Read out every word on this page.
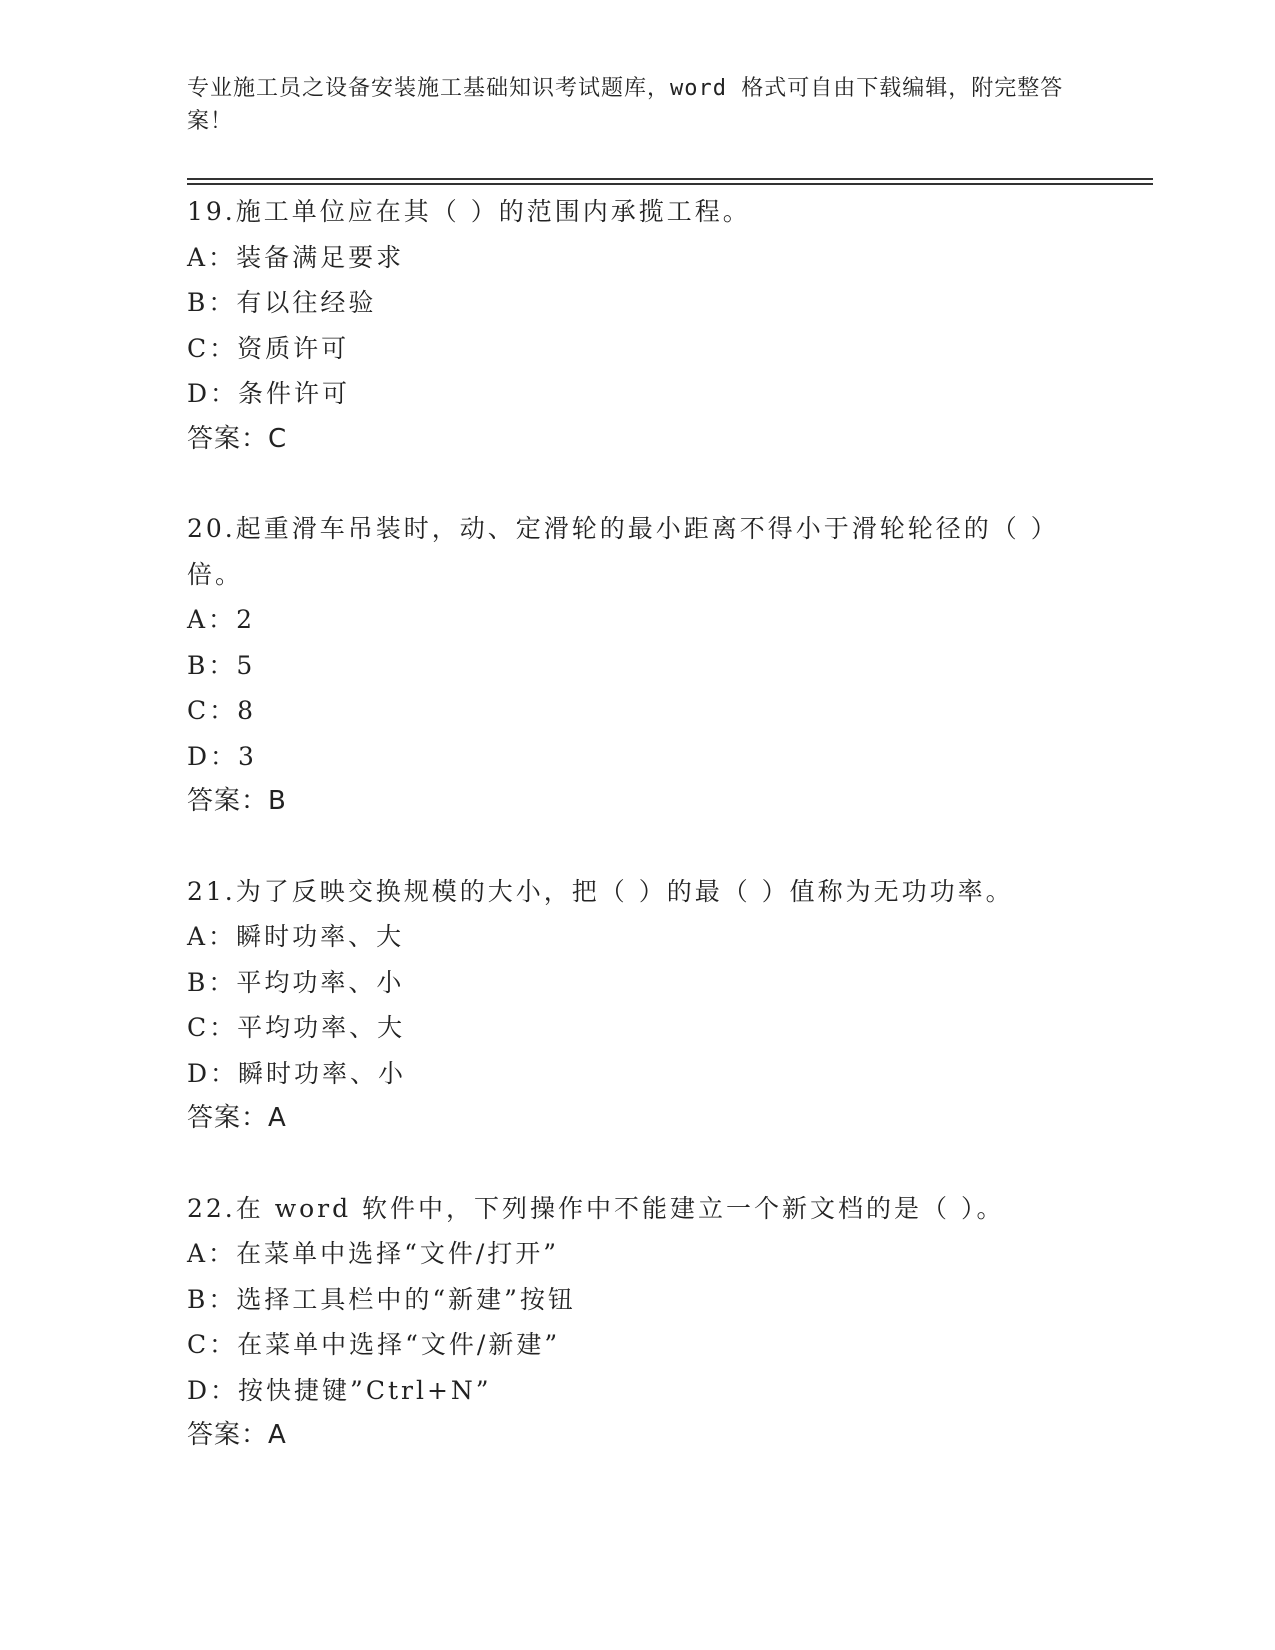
专业施工员之设备安装施工基础知识考试题库，word 格式可自由下载编辑，附完整答案！

19.施工单位应在其（ ）的范围内承揽工程。

A：装备满足要求

B：有以往经验

C：资质许可

D：条件许可

答案：C

20.起重滑车吊装时，动、定滑轮的最小距离不得小于滑轮轮径的（ ）倍。

A：2

B：5

C：8

D：3

答案：B

21.为了反映交换规模的大小，把（ ）的最（ ）值称为无功功率。

A：瞬时功率、大

B：平均功率、小

C：平均功率、大

D：瞬时功率、小

答案：A

22.在 word 软件中，下列操作中不能建立一个新文档的是（ ）。

A：在菜单中选择“文件/打开”

B：选择工具栏中的“新建”按钮

C：在菜单中选择“文件/新建”

D：按快捷键”Ctrl+N”

答案：A
